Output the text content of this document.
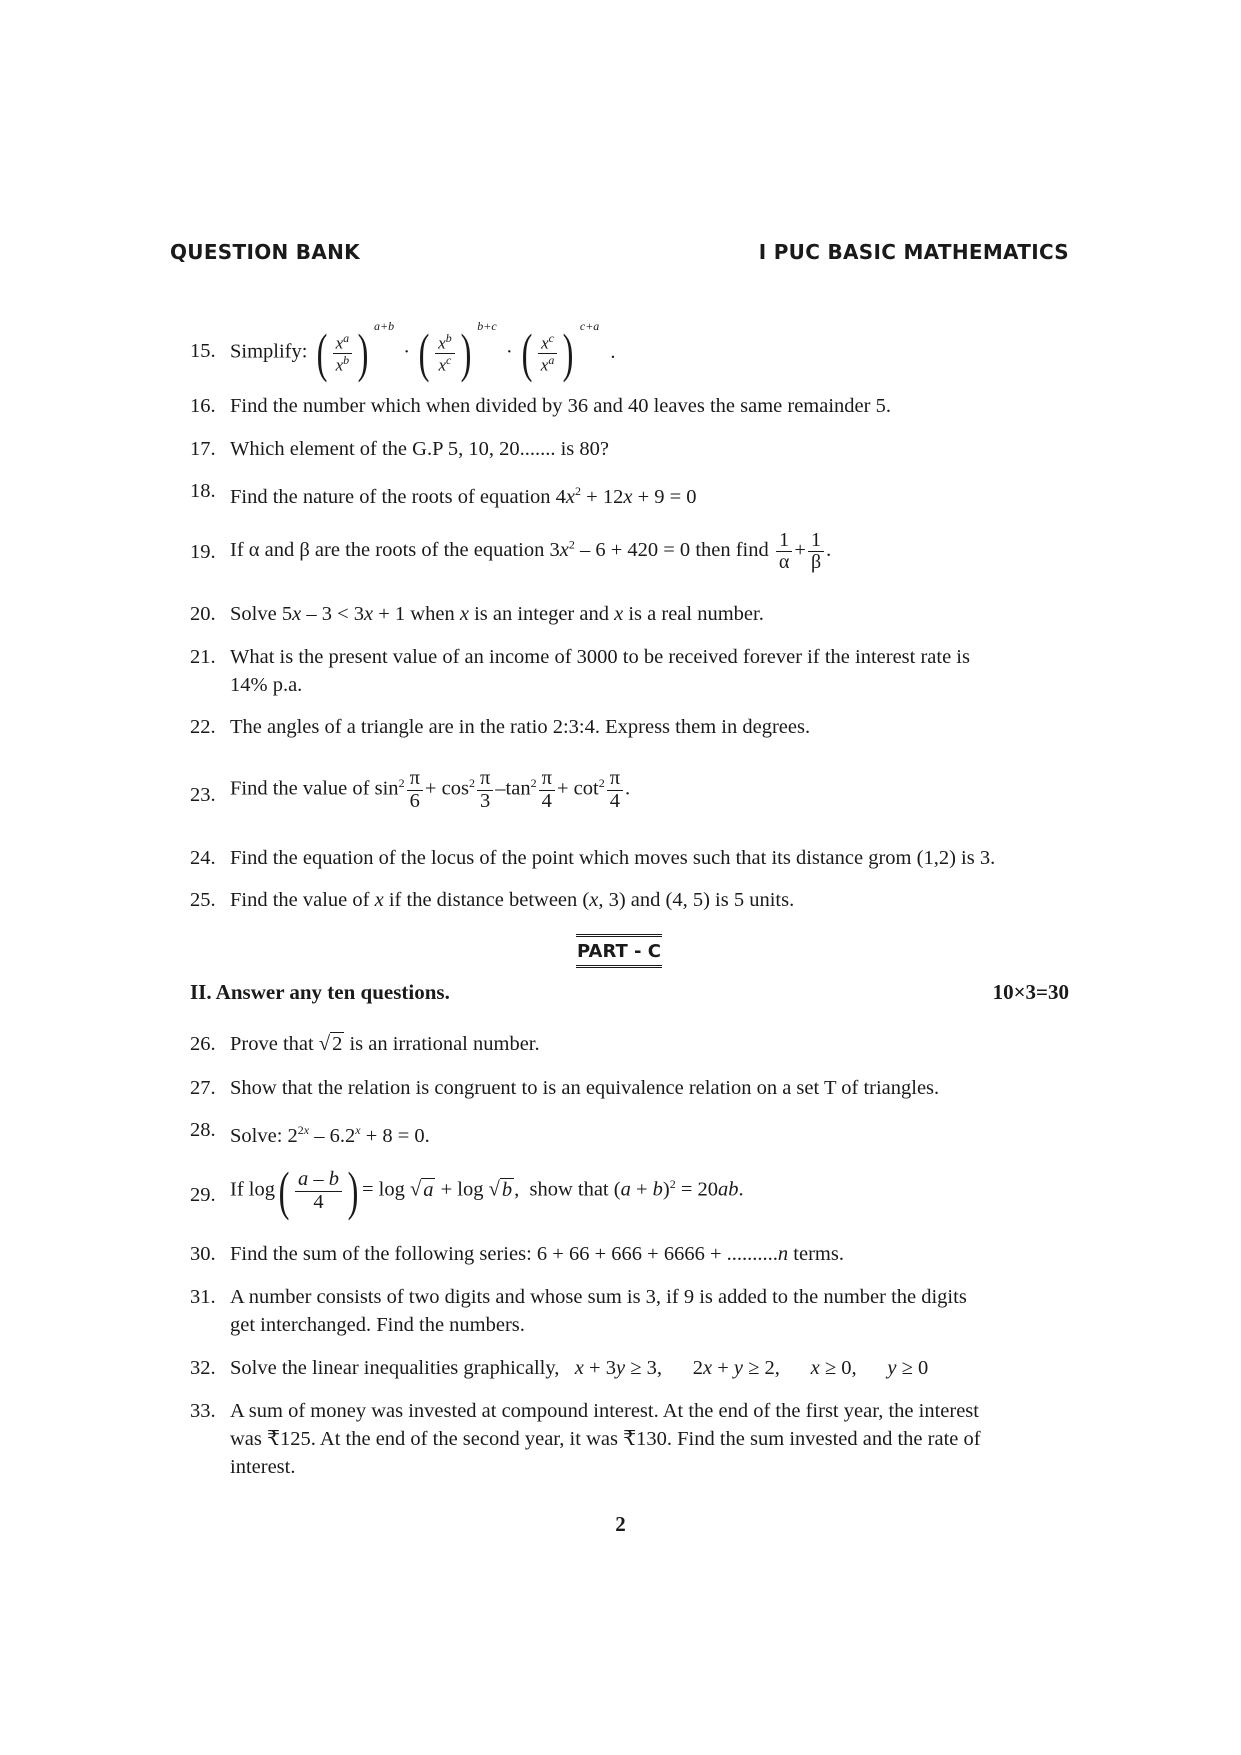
QUESTION BANK	I PUC BASIC MATHEMATICS
15. Simplify: ( $\frac{x^a}{x^b}$ ) a+b
· ( $\frac{x^b}{x^c}$ ) b+c
· ( $\frac{x^c}{x^a}$ ) c+a
.
16. Find the number which when divided by 36 and 40 leaves the same remainder 5.
17. Which element of the G.P 5, 10, 20....... is 80?
18. Find the nature of the roots of equation $4x^2 + 12x + 9 = 0$
19. If α and β are the roots of the equation $3x^2 - 6 + 420 = 0$ then find $\frac{1}{\alpha} + \frac{1}{\beta}$ .
20. Solve 5x – 3 < 3x + 1 when x is an integer and x is a real number.
21. What is the present value of an income of 3000 to be received forever if the interest rate is
14% p.a.
22. The angles of a triangle are in the ratio 2:3:4. Express them in degrees.
23. Find the value of $\sin^2 \frac{\pi}{6} + \cos^2 \frac{\pi}{3} -\tan^2 \frac{\pi}{4} + \cot^2 \frac{\pi}{4}$ .
24. Find the equation of the locus of the point which moves such that its distance grom (1,2) is 3.
25. Find the value of x if the distance between (x, 3) and (4, 5) is 5 units.
PART - C
II. Answer any ten questions.	10×3=30
26. Prove that √2 is an irrational number.
27. Show that the relation is congruent to is an equivalence relation on a set T of triangles.
28. Solve: $2^{2x} - 6.2^x + 8 = 0$.
29. If log ( $\frac{a - b}{4}$ ) = log √a + log √b,  show that $(a + b)^2 = 20ab$.
30. Find the sum of the following series: 6 + 66 + 666 + 6666 + ..........n terms.
31. A number consists of two digits and whose sum is 3, if 9 is added to the number the digits
get interchanged. Find the numbers.
32. Solve the linear inequalities graphically, x + 3y ≥ 3,      2x + y ≥ 2,      x ≥ 0,      y ≥ 0
33. A sum of money was invested at compound interest. At the end of the first year, the interest
was ₹125. At the end of the second year, it was ₹130. Find the sum invested and the rate of
interest.
2
